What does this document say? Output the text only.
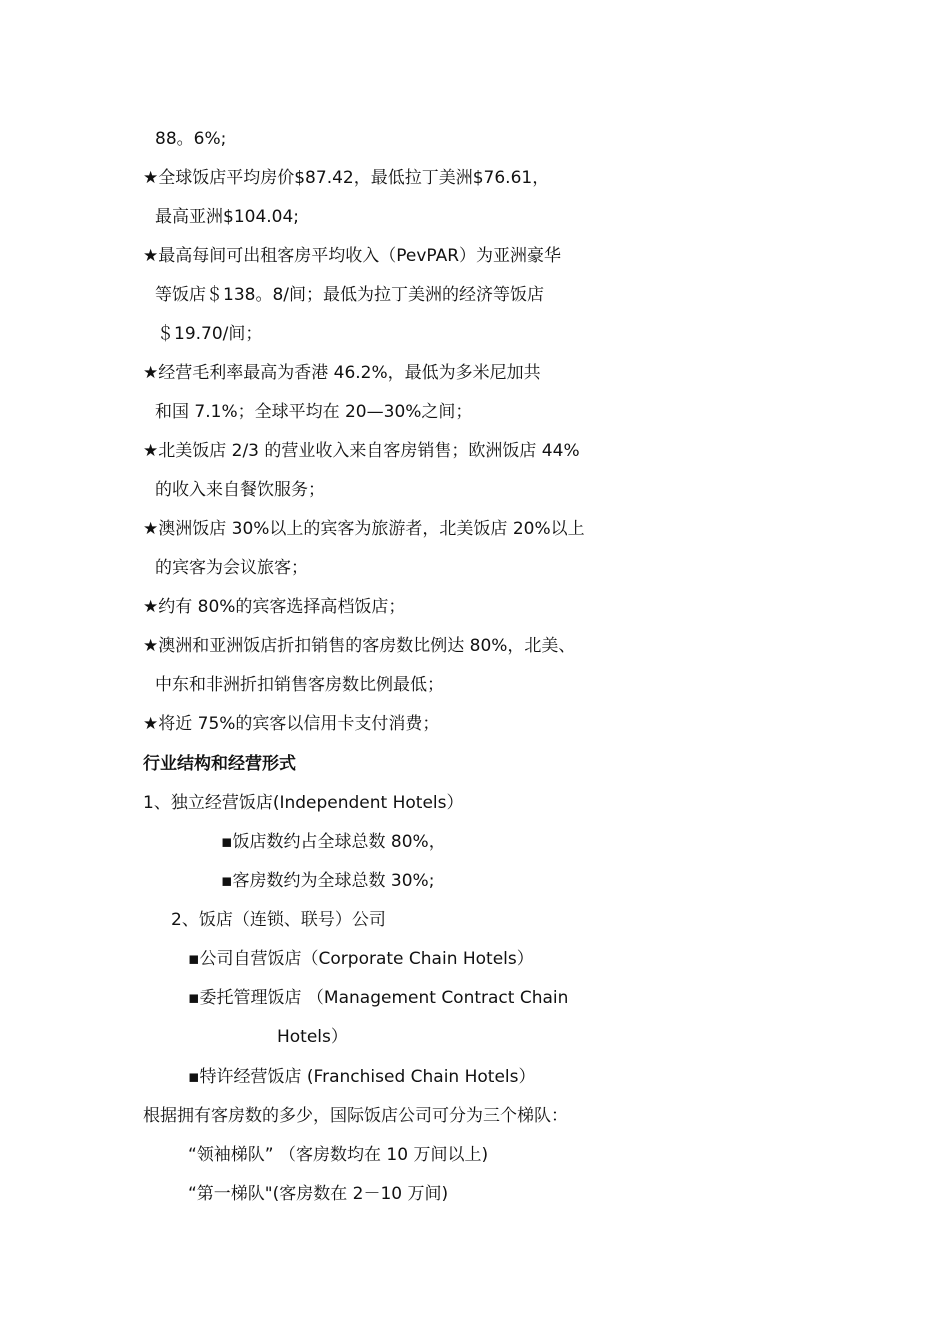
88。6%;
★全球饭店平均房价$87.42，最低拉丁美洲$76.61，
最高亚洲$104.04;
★最高每间可出租客房平均收入（PevPAR）为亚洲豪华
等饭店＄138。8/间；最低为拉丁美洲的经济等饭店
＄19.70/间；
★经营毛利率最高为香港 46.2%，最低为多米尼加共
和国 7.1%；全球平均在 20—30%之间；
★北美饭店 2/3 的营业收入来自客房销售；欧洲饭店 44%
的收入来自餐饮服务；
★澳洲饭店 30%以上的宾客为旅游者，北美饭店 20%以上
的宾客为会议旅客；
★约有 80%的宾客选择高档饭店；
★澳洲和亚洲饭店折扣销售的客房数比例达 80%，北美、
中东和非洲折扣销售客房数比例最低；
★将近 75%的宾客以信用卡支付消费；
行业结构和经营形式
1、独立经营饭店(Independent Hotels）
▪饭店数约占全球总数 80%，
▪客房数约为全球总数 30%;
2、饭店（连锁、联号）公司
▪公司自营饭店（Corporate Chain Hotels）
▪委托管理饭店 （Management Contract Chain
Hotels）
▪特许经营饭店 (Franchised Chain Hotels）
根据拥有客房数的多少，国际饭店公司可分为三个梯队：
“领袖梯队” （客房数均在 10 万间以上)
“第一梯队"(客房数在 2－10 万间)
